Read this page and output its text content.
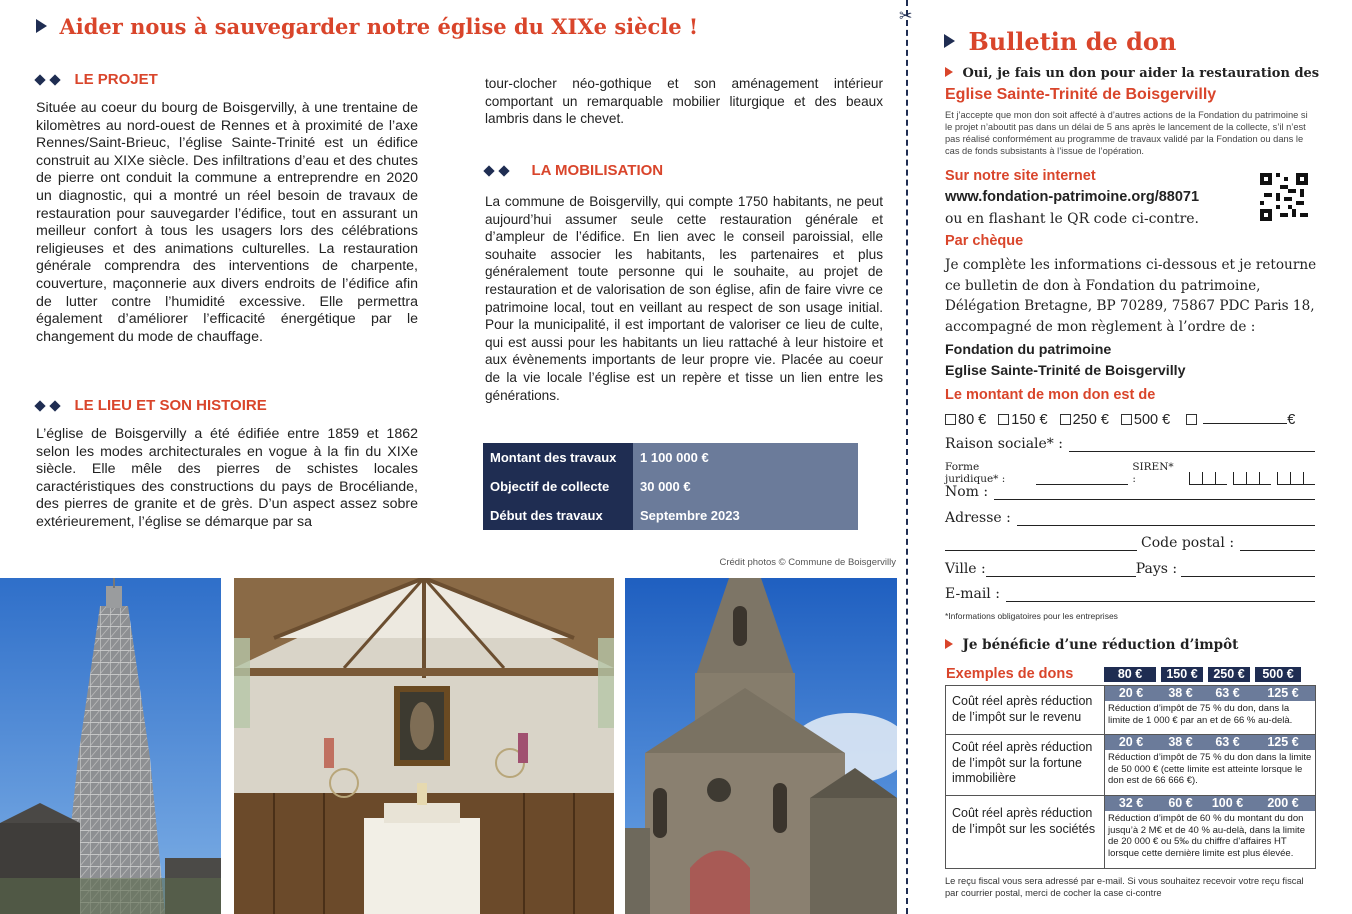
Aider nous à sauvegarder notre église du XIXe siècle !
LE PROJET
Située au coeur du bourg de Boisgervilly, à une trentaine de kilomètres au nord-ouest de Rennes et à proximité de l’axe Rennes/Saint-Brieuc, l’église Sainte-Trinité est un édifice construit au XIXe siècle. Des infiltrations d’eau et des chutes de pierre ont conduit la commune a entreprendre en 2020 un diagnostic, qui a montré un réel besoin de travaux de restauration pour sauvegarder l’édifice, tout en assurant un meilleur confort à tous les usagers lors des célébrations religieuses et des animations culturelles. La restauration générale comprendra des interventions de charpente, couverture, maçonnerie aux divers endroits de l’édifice afin de lutter contre l’humidité excessive. Elle permettra également d’améliorer l’efficacité énergétique par le changement du mode de chauffage.
LE LIEU ET SON HISTOIRE
L’église de Boisgervilly a été édifiée entre 1859 et 1862 selon les modes architecturales en vogue à la fin du XIXe siècle. Elle mêle des pierres de schistes locales caractéristiques des constructions du pays de Brocéliande, des pierres de granite et de grès. D’un aspect assez sobre extérieurement, l’église se démarque par sa
tour-clocher néo-gothique et son aménagement intérieur comportant un remarquable mobilier liturgique et des beaux lambris dans le chevet.
LA MOBILISATION
La commune de Boisgervilly, qui compte 1750 habitants, ne peut aujourd’hui assumer seule cette restauration générale et d’ampleur de l’édifice. En lien avec le conseil paroissial, elle souhaite associer les habitants, les partenaires et plus généralement toute personne qui le souhaite, au projet de restauration et de valorisation de son église, afin de faire vivre ce patrimoine local, tout en veillant au respect de son usage initial. Pour la municipalité, il est important de valoriser ce lieu de culte, qui est aussi pour les habitants un lieu rattaché à leur histoire et aux évènements importants de leur propre vie. Placée au coeur de la vie locale l’église est un repère et tisse un lien entre les générations.
Montant des travaux	1 100 000 €
Objectif de collecte	30 000 €
Début des travaux	Septembre 2023
Crédit photos © Commune de Boisgervilly
✂
Bulletin de don
Oui, je fais un don pour aider la restauration des
Eglise Sainte-Trinité de Boisgervilly
Et j’accepte que mon don soit affecté à d’autres actions de la Fondation du patrimoine si le projet n’aboutit pas dans un délai de 5 ans après le lancement de la collecte, s’il n’est pas réalisé conformément au programme de travaux validé par la Fondation ou dans le cas de fonds subsistants à l’issue de l’opération.
Sur notre site internet
www.fondation-patrimoine.org/88071
ou en flashant le QR code ci-contre.
Par chèque
Je complète les informations ci-dessous et je retourne ce bulletin de don à Fondation du patrimoine, Délégation Bretagne, BP 70289, 75867 PDC Paris 18, accompagné de mon règlement à l’ordre de :
Fondation du patrimoine
Eglise Sainte-Trinité de Boisgervilly
Le montant de mon don est de
80 € 150 € 250 € 500 €	€
Raison sociale* :
Forme juridique* :
SIREN* :
Nom :
Adresse :
Code postal :
Ville :	Pays :
E-mail :
*Informations obligatoires pour les entreprises
Je bénéficie d’une réduction d’impôt
Exemples de dons	80 €	150 €	250 €	500 €
Coût réel après réduction de l’impôt sur le revenu
20 €	38 €	63 €	125 €
Réduction d’impôt de 75 % du don, dans la limite de 1 000 € par an et de 66 % au-delà.
Coût réel après réduction de l’impôt sur la fortune immobilière
20 €	38 €	63 €	125 €
Réduction d’impôt de 75 % du don dans la limite de 50 000 € (cette limite est atteinte lorsque le don est de 66 666 €).
Coût réel après réduction de l’impôt sur les sociétés
32 €	60 €	100 €	200 €
Réduction d’impôt de 60 % du montant du don jusqu’à 2 M€ et de 40 % au-delà, dans la limite de 20 000 € ou 5‰ du chiffre d’affaires HT lorsque cette dernière limite est plus élevée.
Le reçu fiscal vous sera adressé par e-mail. Si vous souhaitez recevoir votre reçu fiscal par courrier postal, merci de cocher la case ci-contre
